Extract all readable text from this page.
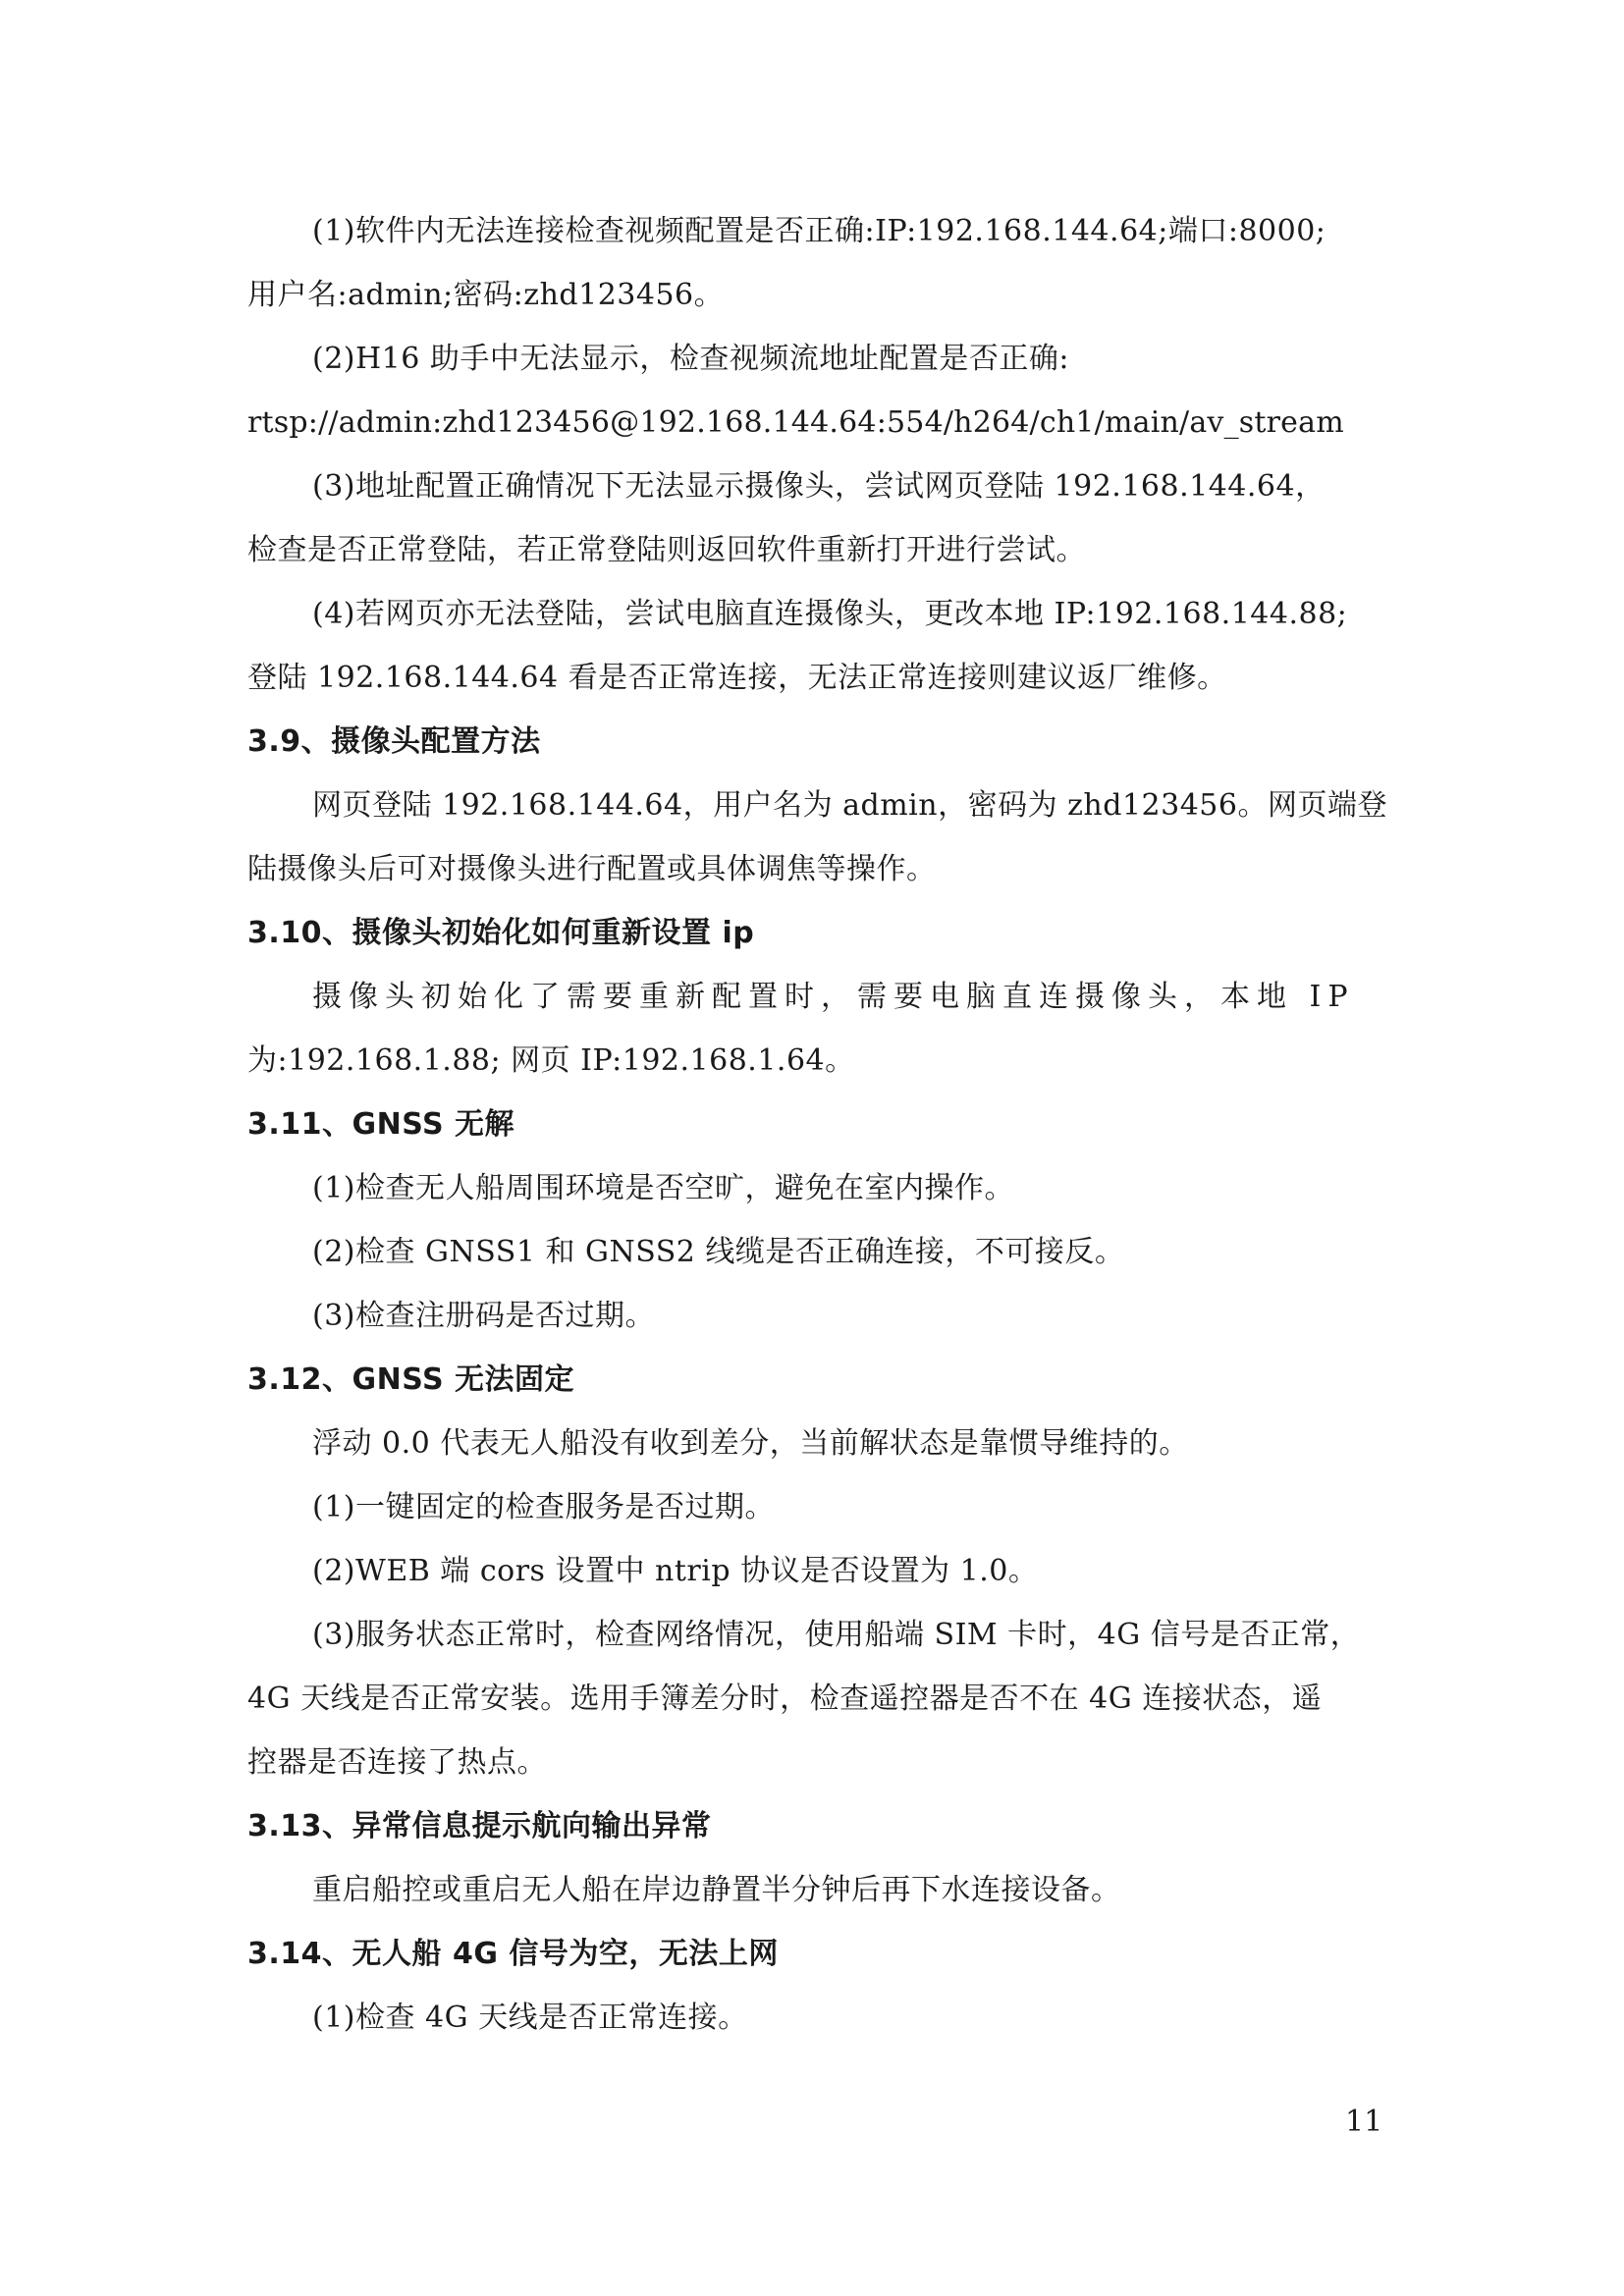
(1)软件内无法连接检查视频配置是否正确:IP:192.168.144.64;端口:8000;
用户名:admin;密码:zhd123456。
(2)H16 助手中无法显示，检查视频流地址配置是否正确:
rtsp://admin:zhd123456@192.168.144.64:554/h264/ch1/main/av_stream
(3)地址配置正确情况下无法显示摄像头，尝试网页登陆 192.168.144.64，
检查是否正常登陆，若正常登陆则返回软件重新打开进行尝试。
(4)若网页亦无法登陆，尝试电脑直连摄像头，更改本地 IP:192.168.144.88;
登陆 192.168.144.64 看是否正常连接，无法正常连接则建议返厂维修。
3.9、摄像头配置方法
网页登陆 192.168.144.64，用户名为 admin，密码为 zhd123456。网页端登
陆摄像头后可对摄像头进行配置或具体调焦等操作。
3.10、摄像头初始化如何重新设置 ip
摄像头初始化了需要重新配置时，需要电脑直连摄像头，本地 IP
为:192.168.1.88; 网页 IP:192.168.1.64。
3.11、GNSS 无解
(1)检查无人船周围环境是否空旷，避免在室内操作。
(2)检查 GNSS1 和 GNSS2 线缆是否正确连接，不可接反。
(3)检查注册码是否过期。
3.12、GNSS 无法固定
浮动 0.0 代表无人船没有收到差分，当前解状态是靠惯导维持的。
(1)一键固定的检查服务是否过期。
(2)WEB 端 cors 设置中 ntrip 协议是否设置为 1.0。
(3)服务状态正常时，检查网络情况，使用船端 SIM 卡时，4G 信号是否正常，
4G 天线是否正常安装。选用手簿差分时，检查遥控器是否不在 4G 连接状态，遥
控器是否连接了热点。
3.13、异常信息提示航向输出异常
重启船控或重启无人船在岸边静置半分钟后再下水连接设备。
3.14、无人船 4G 信号为空，无法上网
(1)检查 4G 天线是否正常连接。
11
